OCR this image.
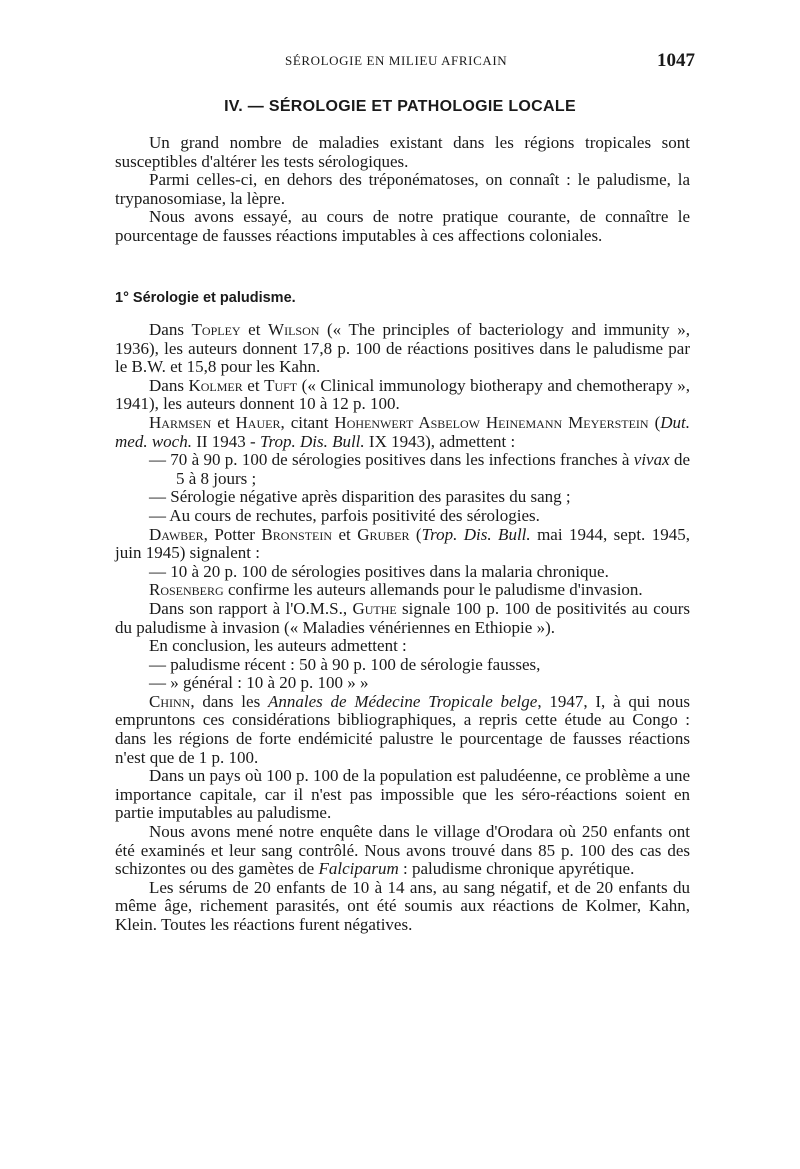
SÉROLOGIE EN MILIEU AFRICAIN	1047
IV. — SÉROLOGIE ET PATHOLOGIE LOCALE

Un grand nombre de maladies existant dans les régions tropicales sont susceptibles d'altérer les tests sérologiques.

Parmi celles-ci, en dehors des tréponématoses, on connaît : le paludisme, la trypanosomiase, la lèpre.

Nous avons essayé, au cours de notre pratique courante, de connaître le pourcentage de fausses réactions imputables à ces affections coloniales.

1° Sérologie et paludisme.

Dans Topley et Wilson (« The principles of bacteriology and immunity », 1936), les auteurs donnent 17,8 p. 100 de réactions positives dans le paludisme par le B.W. et 15,8 pour les Kahn.

Dans Kolmer et Tuft (« Clinical immunology biotherapy and chemotherapy », 1941), les auteurs donnent 10 à 12 p. 100.

Harmsen et Hauer, citant Hohenwert Asbelow Heinemann Meyerstein (Dut. med. woch. II 1943 - Trop. Dis. Bull. IX 1943), admettent :

— 70 à 90 p. 100 de sérologies positives dans les infections franches à vivax de 5 à 8 jours ;

— Sérologie négative après disparition des parasites du sang ;

— Au cours de rechutes, parfois positivité des sérologies.

Dawber, Potter Bronstein et Gruber (Trop. Dis. Bull. mai 1944, sept. 1945, juin 1945) signalent :

— 10 à 20 p. 100 de sérologies positives dans la malaria chronique.

Rosenberg confirme les auteurs allemands pour le paludisme d'invasion.

Dans son rapport à l'O.M.S., Guthe signale 100 p. 100 de positivités au cours du paludisme à invasion (« Maladies vénériennes en Ethiopie »).

En conclusion, les auteurs admettent :

— paludisme récent : 50 à 90 p. 100 de sérologie fausses,

— » général : 10 à 20 p. 100 » »

Chinn, dans les Annales de Médecine Tropicale belge, 1947, I, à qui nous empruntons ces considérations bibliographiques, a repris cette étude au Congo : dans les régions de forte endémicité palustre le pourcentage de fausses réactions n'est que de 1 p. 100.

Dans un pays où 100 p. 100 de la population est paludéenne, ce problème a une importance capitale, car il n'est pas impossible que les séro-réactions soient en partie imputables au paludisme.

Nous avons mené notre enquête dans le village d'Orodara où 250 enfants ont été examinés et leur sang contrôlé. Nous avons trouvé dans 85 p. 100 des cas des schizontes ou des gamètes de Falciparum : paludisme chronique apyrétique.

Les sérums de 20 enfants de 10 à 14 ans, au sang négatif, et de 20 enfants du même âge, richement parasités, ont été soumis aux réactions de Kolmer, Kahn, Klein. Toutes les réactions furent négatives.
